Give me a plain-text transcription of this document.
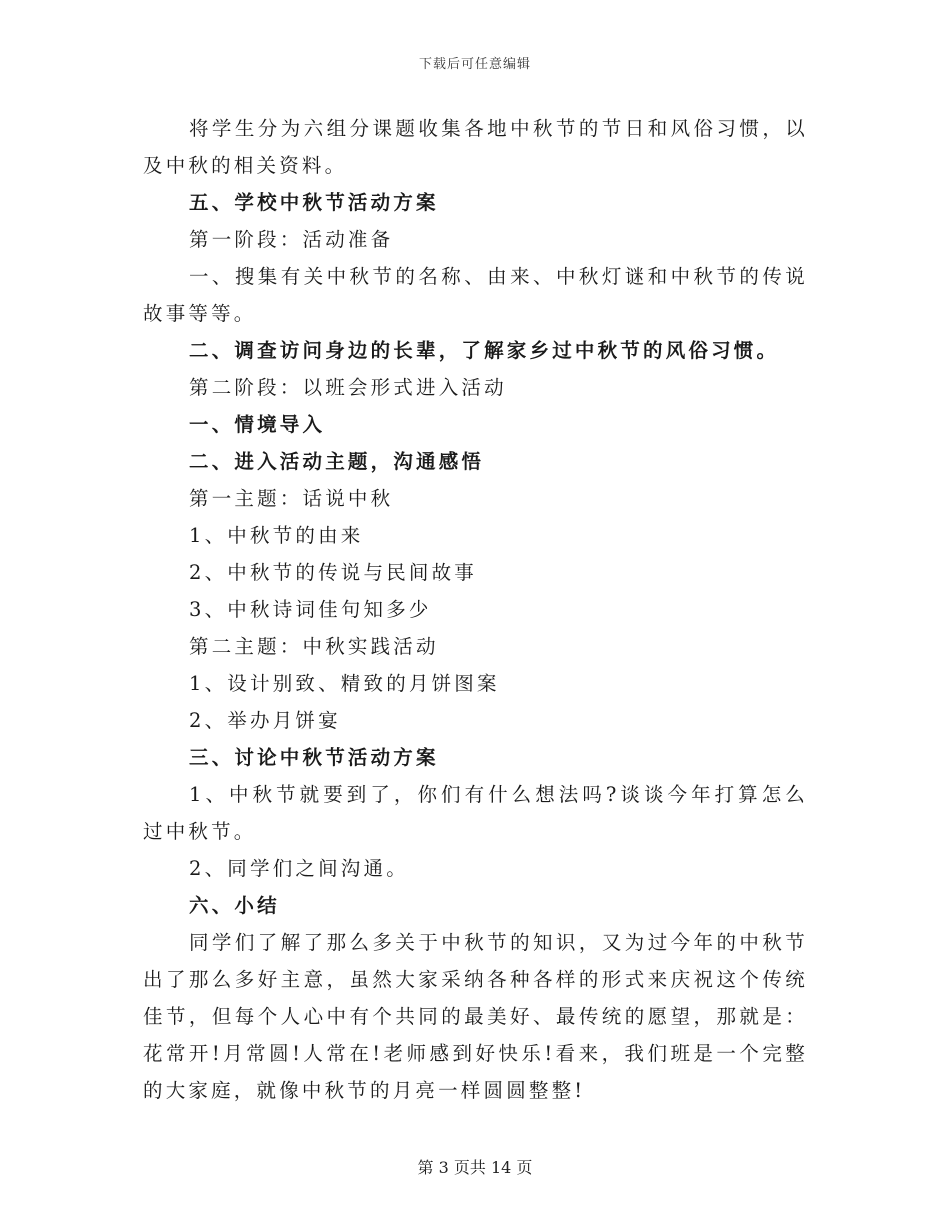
下载后可任意编辑

将学生分为六组分课题收集各地中秋节的节日和风俗习惯，以及中秋的相关资料。

五、学校中秋节活动方案

第一阶段：活动准备

一、搜集有关中秋节的名称、由来、中秋灯谜和中秋节的传说故事等等。

二、调查访问身边的长辈，了解家乡过中秋节的风俗习惯。

第二阶段：以班会形式进入活动

一、情境导入

二、进入活动主题，沟通感悟

第一主题：话说中秋

1、中秋节的由来

2、中秋节的传说与民间故事

3、中秋诗词佳句知多少

第二主题：中秋实践活动

1、设计别致、精致的月饼图案

2、举办月饼宴

三、讨论中秋节活动方案

1、中秋节就要到了，你们有什么想法吗?谈谈今年打算怎么过中秋节。

2、同学们之间沟通。

六、小结

同学们了解了那么多关于中秋节的知识，又为过今年的中秋节出了那么多好主意，虽然大家采纳各种各样的形式来庆祝这个传统佳节，但每个人心中有个共同的最美好、最传统的愿望，那就是：花常开!月常圆!人常在!老师感到好快乐!看来，我们班是一个完整的大家庭，就像中秋节的月亮一样圆圆整整!

第 3 页共 14 页
